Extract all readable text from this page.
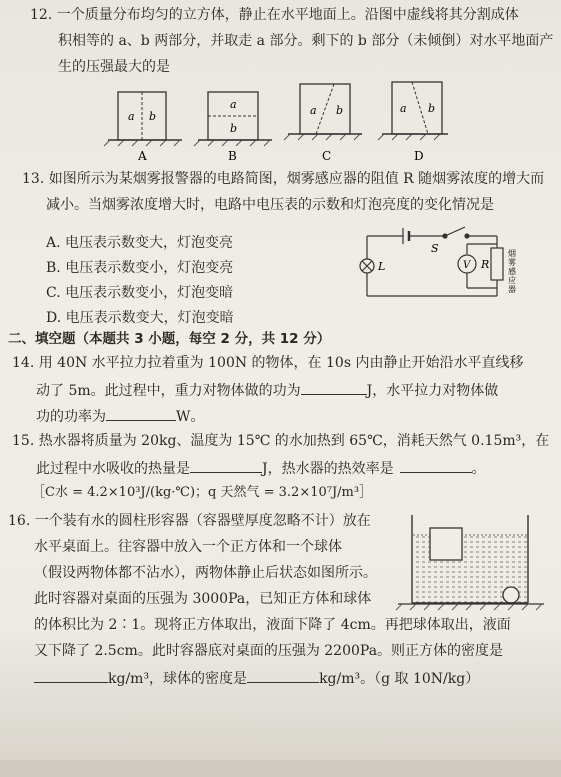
12. 一个质量分布均匀的立方体，静止在水平地面上。沿图中虚线将其分割成体
积相等的 a、b 两部分，并取走 a 部分。剩下的 b 部分（未倾倒）对水平地面产
生的压强最大的是
a b
A
a
b
B
a b
C
a b
D
13. 如图所示为某烟雾报警器的电路简图，烟雾感应器的阻值 R 随烟雾浓度的增大而
减小。当烟雾浓度增大时，电路中电压表的示数和灯泡亮度的变化情况是
A. 电压表示数变大，灯泡变亮
B. 电压表示数变小，灯泡变亮
C. 电压表示数变小，灯泡变暗
D. 电压表示数变大，灯泡变暗
S
L	V R
烟
雾
感
应
器
二、填空题（本题共 3 小题，每空 2 分，共 12 分）
14. 用 40N 水平拉力拉着重为 100N 的物体，在 10s 内由静止开始沿水平直线移
动了 5m。此过程中，重力对物体做的功为	J，水平拉力对物体做
功的功率为	W。
15. 热水器将质量为 20kg、温度为 15℃ 的水加热到 65℃，消耗天然气 0.15m³，在
此过程中水吸收的热量是	J，热水器的热效率是	。
［C水 = 4.2×10³J/(kg·℃)；q 天然气 = 3.2×10⁷J/m³］
16. 一个装有水的圆柱形容器（容器壁厚度忽略不计）放在
水平桌面上。往容器中放入一个正方体和一个球体
（假设两物体都不沾水），两物体静止后状态如图所示。
此时容器对桌面的压强为 3000Pa，已知正方体和球体
的体积比为 2∶1。现将正方体取出，液面下降了 4cm。再把球体取出，液面
又下降了 2.5cm。此时容器底对桌面的压强为 2200Pa。则正方体的密度是
kg/m³，球体的密度是	kg/m³。（g 取 10N/kg）
